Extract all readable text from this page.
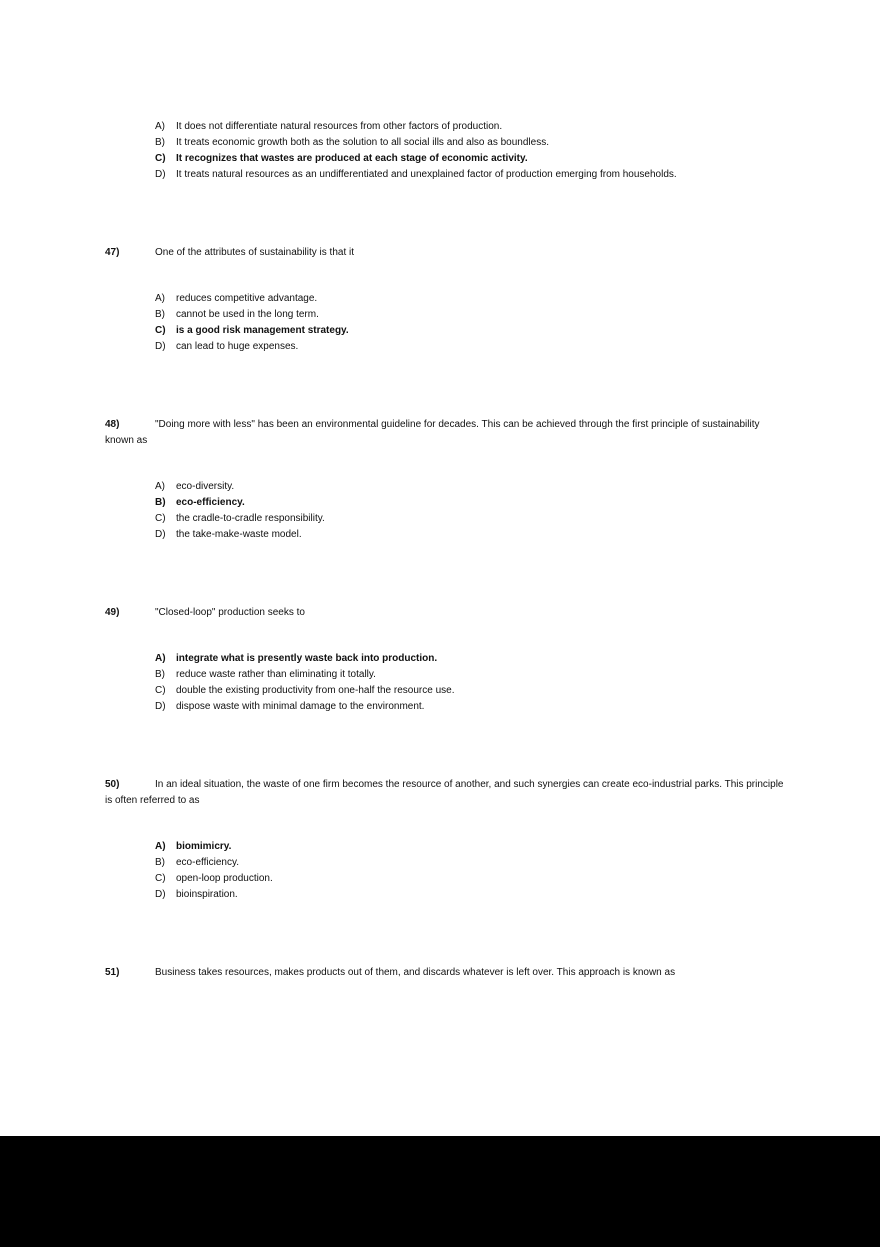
A)	It does not differentiate natural resources from other factors of production.
B)	It treats economic growth both as the solution to all social ills and also as boundless.
C)	It recognizes that wastes are produced at each stage of economic activity.
D)	It treats natural resources as an undifferentiated and unexplained factor of production emerging from households.

47)	One of the attributes of sustainability is that it

A)	reduces competitive advantage.
B)	cannot be used in the long term.
C)	is a good risk management strategy.
D)	can lead to huge expenses.

48)	"Doing more with less" has been an environmental guideline for decades. This can be achieved through the first principle of sustainability known as

A)	eco-diversity.
B)	eco-efficiency.
C)	the cradle-to-cradle responsibility.
D)	the take-make-waste model.

49)	"Closed-loop" production seeks to

A)	integrate what is presently waste back into production.
B)	reduce waste rather than eliminating it totally.
C)	double the existing productivity from one-half the resource use.
D)	dispose waste with minimal damage to the environment.

50)	In an ideal situation, the waste of one firm becomes the resource of another, and such synergies can create eco-industrial parks. This principle is often referred to as

A)	biomimicry.
B)	eco-efficiency.
C)	open-loop production.
D)	bioinspiration.

51)	Business takes resources, makes products out of them, and discards whatever is left over. This approach is known as
